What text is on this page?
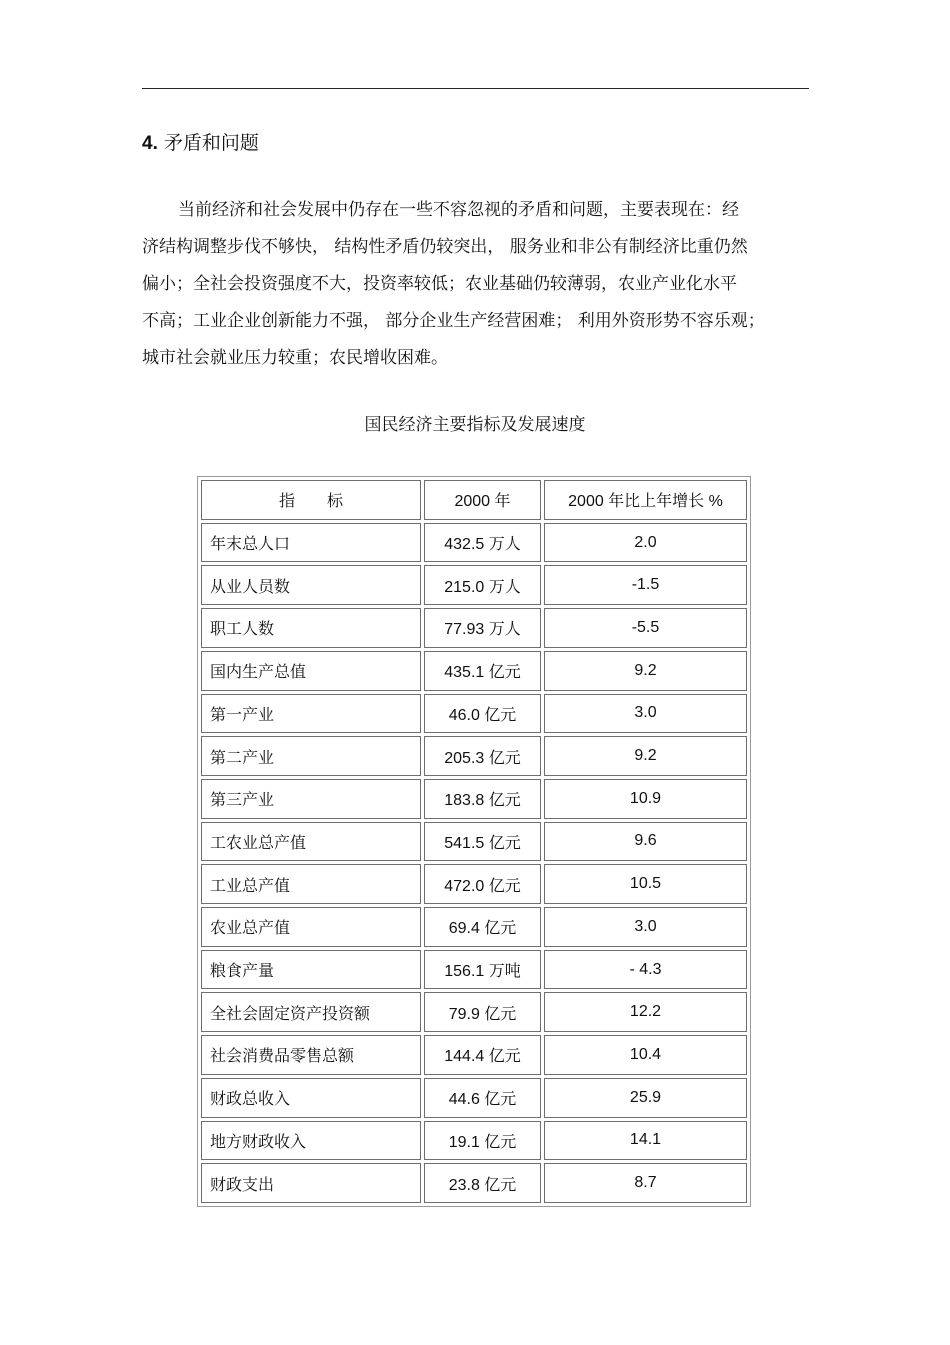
4. 矛盾和问题
当前经济和社会发展中仍存在一些不容忽视的矛盾和问题，主要表现在：经
济结构调整步伐不够快， 结构性矛盾仍较突出， 服务业和非公有制经济比重仍然
偏小；全社会投资强度不大，投资率较低；农业基础仍较薄弱，农业产业化水平
不高；工业企业创新能力不强， 部分企业生产经营困难； 利用外资形势不容乐观；
城市社会就业压力较重；农民增收困难。
国民经济主要指标及发展速度
指　　标	2000 年	2000 年比上年增长 %
年末总人口	432.5 万人	2.0
从业人员数	215.0 万人	-1.5
职工人数	77.93 万人	-5.5
国内生产总值	435.1 亿元	9.2
第一产业	46.0 亿元	3.0
第二产业	205.3 亿元	9.2
第三产业	183.8 亿元	10.9
工农业总产值	541.5 亿元	9.6
工业总产值	472.0 亿元	10.5
农业总产值	69.4 亿元	3.0
粮食产量	156.1 万吨	- 4.3
全社会固定资产投资额	79.9 亿元	12.2
社会消费品零售总额	144.4 亿元	10.4
财政总收入	44.6 亿元	25.9
地方财政收入	19.1 亿元	14.1
财政支出	23.8 亿元	8.7
